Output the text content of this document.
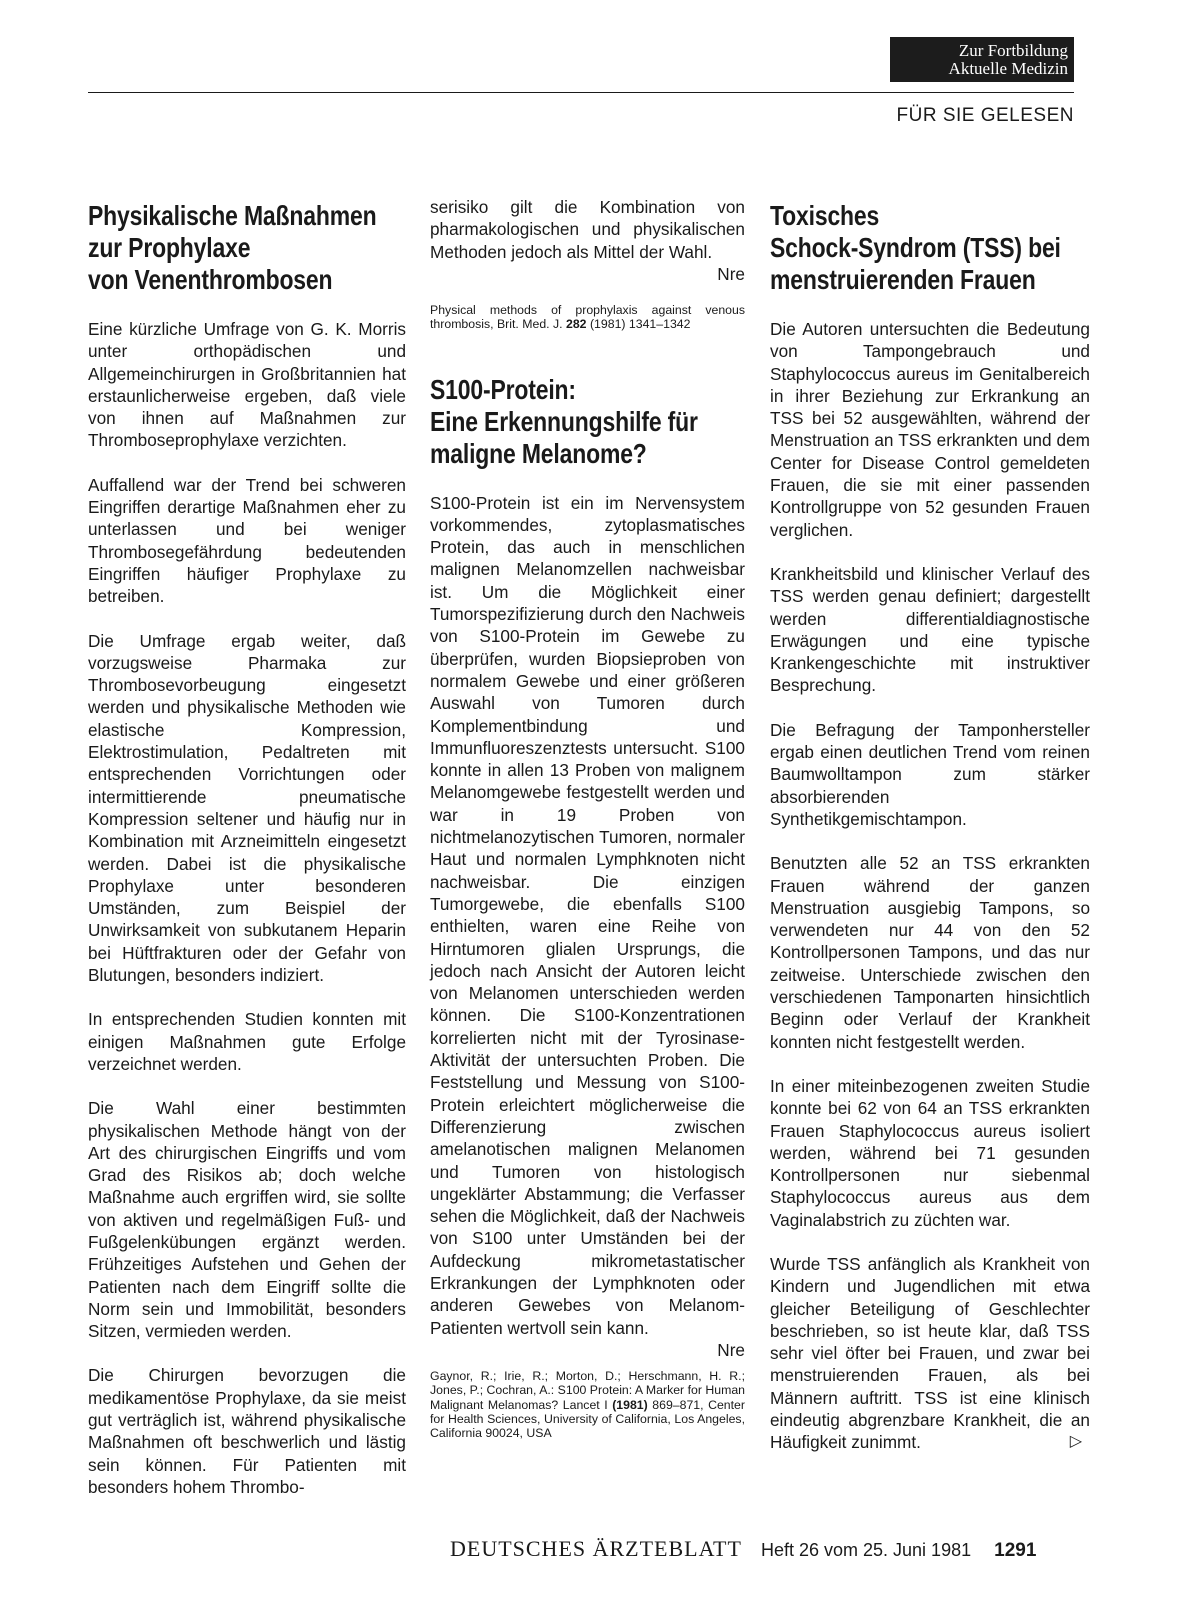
Zur Fortbildung
Aktuelle Medizin
FÜR SIE GELESEN
Physikalische Maßnahmen
zur Prophylaxe
von Venenthrombosen

Eine kürzliche Umfrage von G. K. Morris unter orthopädischen und Allgemeinchirurgen in Großbritannien hat erstaunlicherweise ergeben, daß viele von ihnen auf Maßnahmen zur Thromboseprophylaxe verzichten.

Auffallend war der Trend bei schweren Eingriffen derartige Maßnahmen eher zu unterlassen und bei weniger Thrombosegefährdung bedeutenden Eingriffen häufiger Prophylaxe zu betreiben.

Die Umfrage ergab weiter, daß vorzugsweise Pharmaka zur Thrombosevorbeugung eingesetzt werden und physikalische Methoden wie elastische Kompression, Elektrostimulation, Pedaltreten mit entsprechenden Vorrichtungen oder intermittierende pneumatische Kompression seltener und häufig nur in Kombination mit Arzneimitteln eingesetzt werden. Dabei ist die physikalische Prophylaxe unter besonderen Umständen, zum Beispiel der Unwirksamkeit von subkutanem Heparin bei Hüftfrakturen oder der Gefahr von Blutungen, besonders indiziert.

In entsprechenden Studien konnten mit einigen Maßnahmen gute Erfolge verzeichnet werden.

Die Wahl einer bestimmten physikalischen Methode hängt von der Art des chirurgischen Eingriffs und vom Grad des Risikos ab; doch welche Maßnahme auch ergriffen wird, sie sollte von aktiven und regelmäßigen Fuß- und Fußgelenkübungen ergänzt werden. Frühzeitiges Aufstehen und Gehen der Patienten nach dem Eingriff sollte die Norm sein und Immobilität, besonders Sitzen, vermieden werden.

Die Chirurgen bevorzugen die medikamentöse Prophylaxe, da sie meist gut verträglich ist, während physikalische Maßnahmen oft beschwerlich und lästig sein können. Für Patienten mit besonders hohem Thrombo-

serisiko gilt die Kombination von pharmakologischen und physikalischen Methoden jedoch als Mittel der Wahl.

Nre
Physical methods of prophylaxis against venous thrombosis, Brit. Med. J. 282 (1981) 1341–1342
S100-Protein:
Eine Erkennungshilfe für
maligne Melanome?

S100-Protein ist ein im Nervensystem vorkommendes, zytoplasmatisches Protein, das auch in menschlichen malignen Melanomzellen nachweisbar ist. Um die Möglichkeit einer Tumorspezifizierung durch den Nachweis von S100-Protein im Gewebe zu überprüfen, wurden Biopsieproben von normalem Gewebe und einer größeren Auswahl von Tumoren durch Komplementbindung und Immunfluoreszenztests untersucht. S100 konnte in allen 13 Proben von malignem Melanomgewebe festgestellt werden und war in 19 Proben von nichtmelanozytischen Tumoren, normaler Haut und normalen Lymphknoten nicht nachweisbar. Die einzigen Tumorgewebe, die ebenfalls S100 enthielten, waren eine Reihe von Hirntumoren glialen Ursprungs, die jedoch nach Ansicht der Autoren leicht von Melanomen unterschieden werden können. Die S100-Konzentrationen korrelierten nicht mit der Tyrosinase-Aktivität der untersuchten Proben. Die Feststellung und Messung von S100-Protein erleichtert möglicherweise die Differenzierung zwischen amelanotischen malignen Melanomen und Tumoren von histologisch ungeklärter Abstammung; die Verfasser sehen die Möglichkeit, daß der Nachweis von S100 unter Umständen bei der Aufdeckung mikrometastatischer Erkrankungen der Lymphknoten oder anderen Gewebes von Melanom-Patienten wertvoll sein kann.

Nre
Gaynor, R.; Irie, R.; Morton, D.; Herschmann, H. R.; Jones, P.; Cochran, A.: S100 Protein: A Marker for Human Malignant Melanomas? Lancet I (1981) 869–871, Center for Health Sciences, University of California, Los Angeles, California 90024, USA
Toxisches
Schock-Syndrom (TSS) bei
menstruierenden Frauen

Die Autoren untersuchten die Bedeutung von Tampongebrauch und Staphylococcus aureus im Genitalbereich in ihrer Beziehung zur Erkrankung an TSS bei 52 ausgewählten, während der Menstruation an TSS erkrankten und dem Center for Disease Control gemeldeten Frauen, die sie mit einer passenden Kontrollgruppe von 52 gesunden Frauen verglichen.

Krankheitsbild und klinischer Verlauf des TSS werden genau definiert; dargestellt werden differentialdiagnostische Erwägungen und eine typische Krankengeschichte mit instruktiver Besprechung.

Die Befragung der Tamponhersteller ergab einen deutlichen Trend vom reinen Baumwolltampon zum stärker absorbierenden Synthetikgemischtampon.

Benutzten alle 52 an TSS erkrankten Frauen während der ganzen Menstruation ausgiebig Tampons, so verwendeten nur 44 von den 52 Kontrollpersonen Tampons, und das nur zeitweise. Unterschiede zwischen den verschiedenen Tamponarten hinsichtlich Beginn oder Verlauf der Krankheit konnten nicht festgestellt werden.

In einer miteinbezogenen zweiten Studie konnte bei 62 von 64 an TSS erkrankten Frauen Staphylococcus aureus isoliert werden, während bei 71 gesunden Kontrollpersonen nur siebenmal Staphylococcus aureus aus dem Vaginalabstrich zu züchten war.

Wurde TSS anfänglich als Krankheit von Kindern und Jugendlichen mit etwa gleicher Beteiligung of Geschlechter beschrieben, so ist heute klar, daß TSS sehr viel öfter bei Frauen, und zwar bei menstruierenden Frauen, als bei Männern auftritt. TSS ist eine klinisch eindeutig abgrenzbare Krankheit, die an Häufigkeit zunimmt.	▷
DEUTSCHES ÄRZTEBLATT Heft 26 vom 25. Juni 1981 1291
